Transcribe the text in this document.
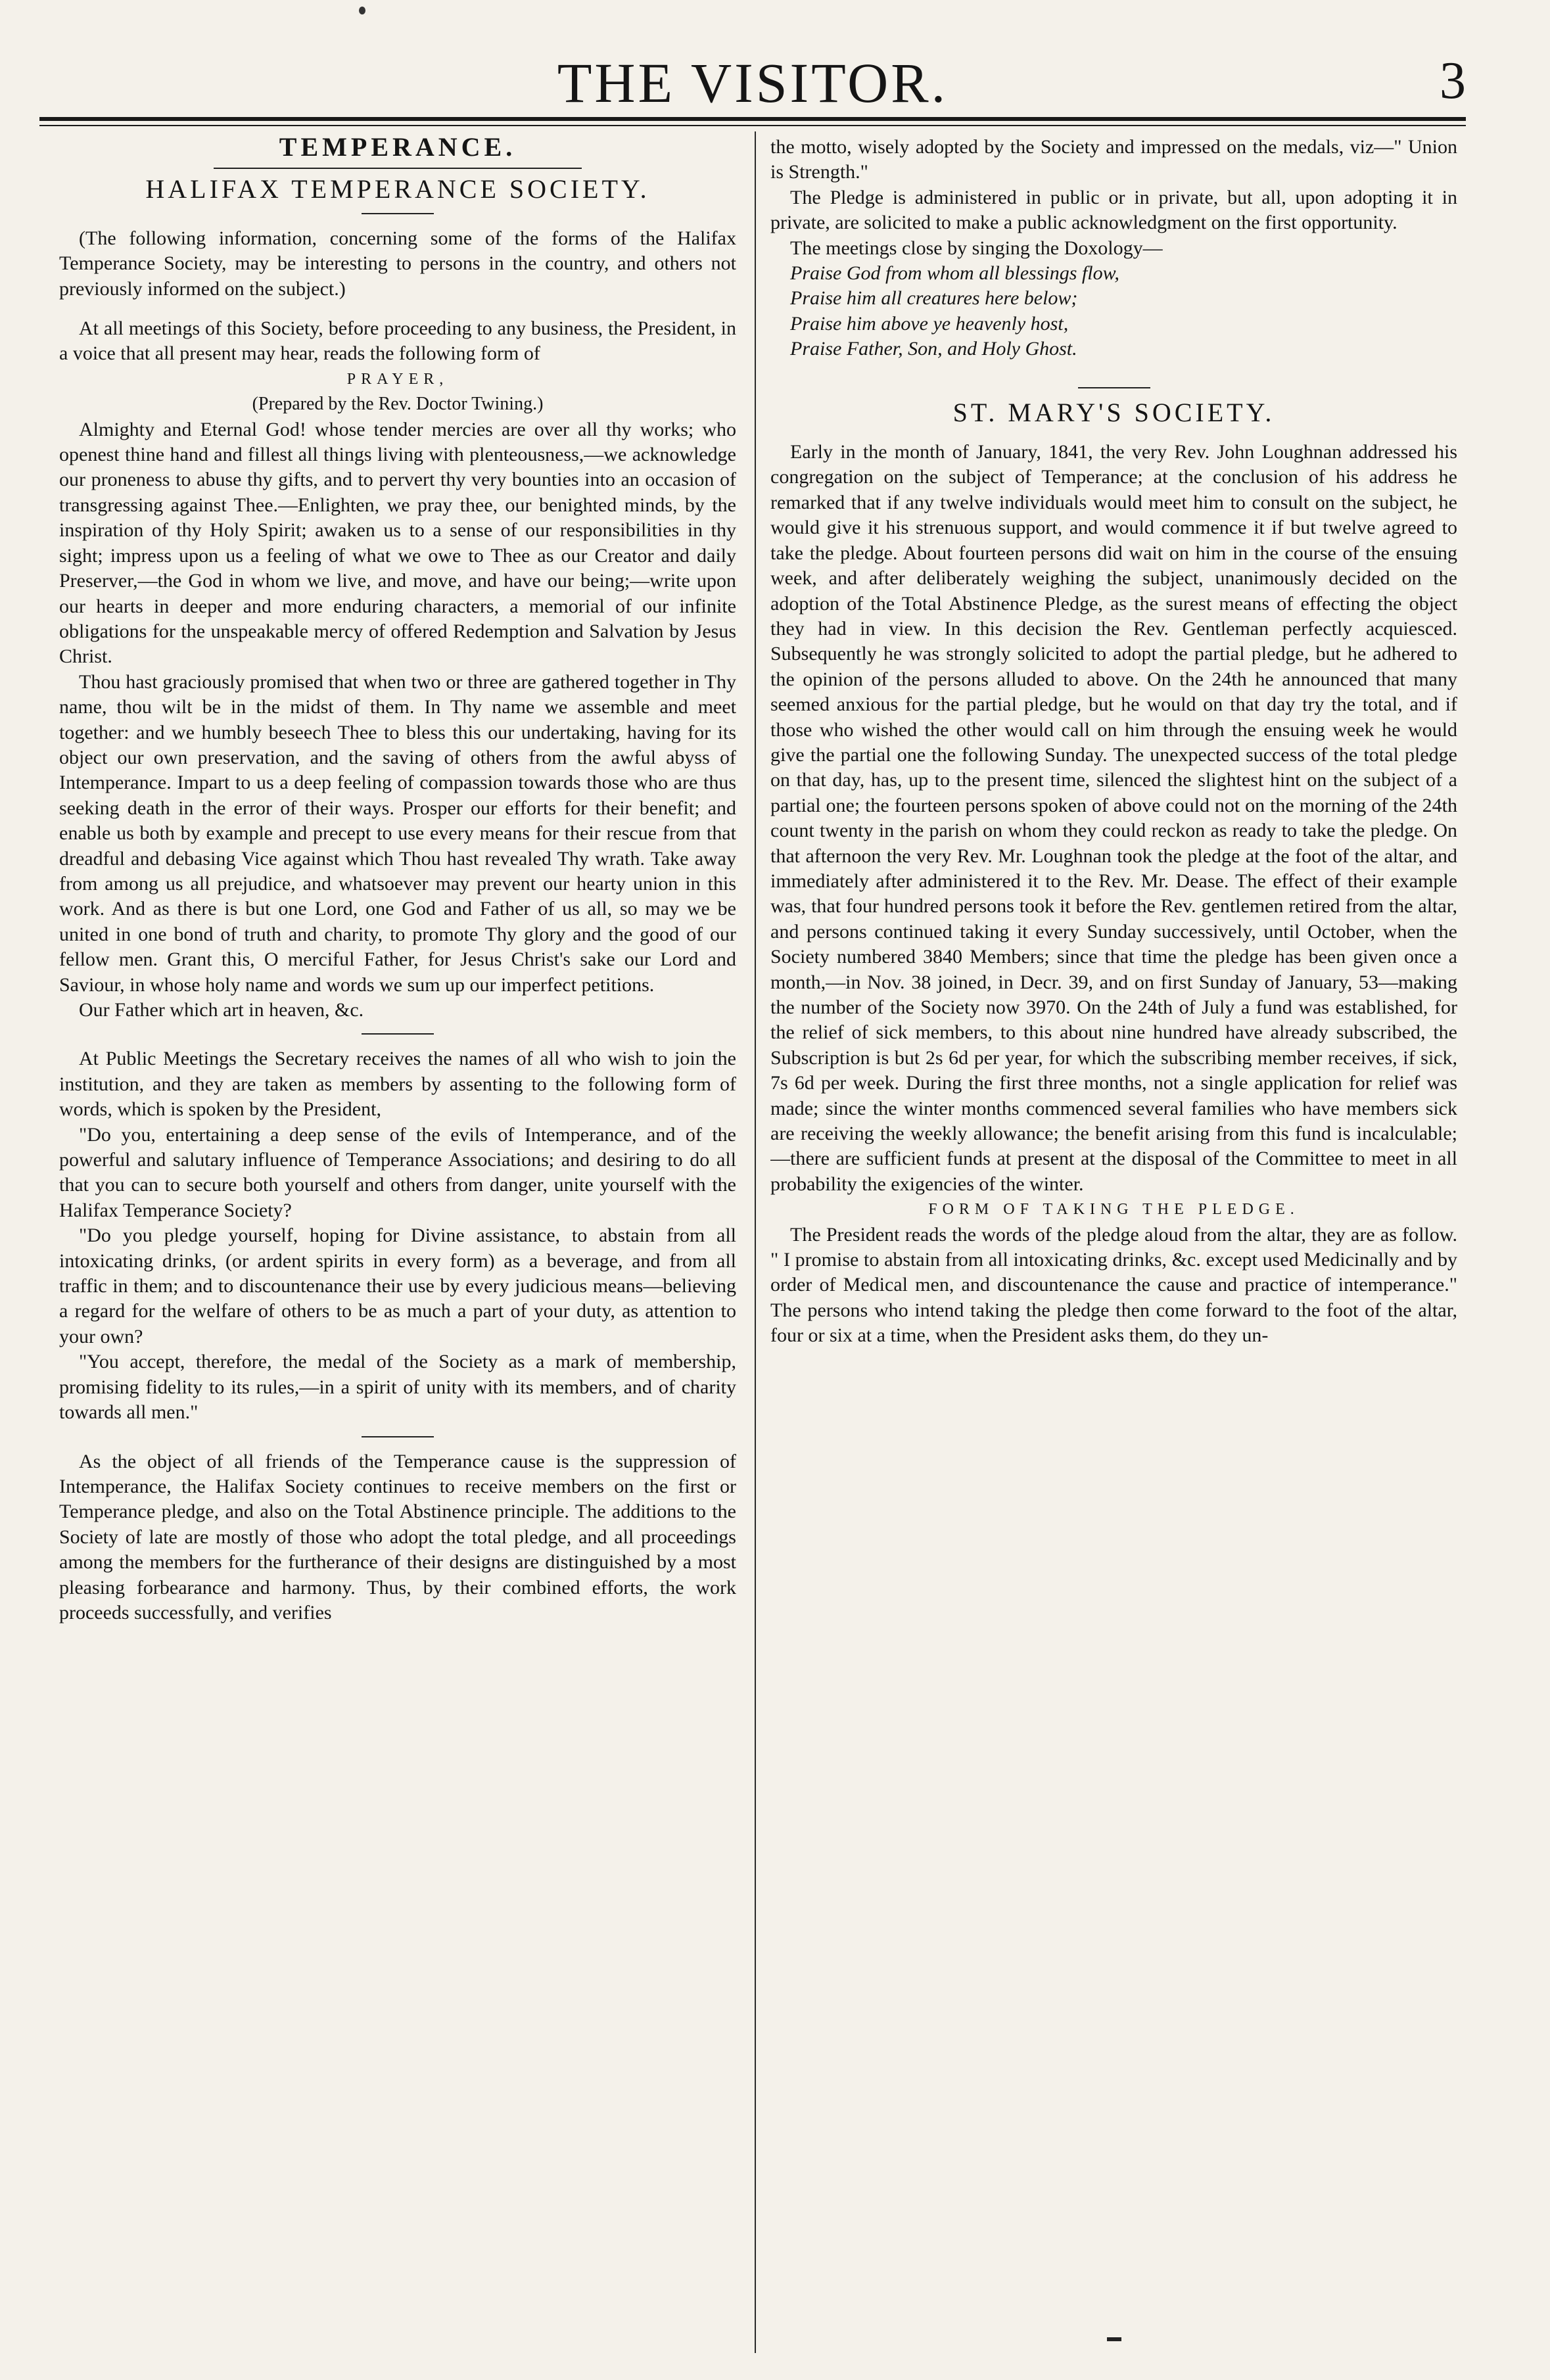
THE VISITOR.	3

TEMPERANCE.

HALIFAX TEMPERANCE SOCIETY.

(The following information, concerning some of the forms of the Halifax Temperance Society, may be interesting to persons in the country, and others not previously informed on the subject.)

At all meetings of this Society, before proceeding to any business, the President, in a voice that all present may hear, reads the following form of

PRAYER,

(Prepared by the Rev. Doctor Twining.)

Almighty and Eternal God! whose tender mercies are over all thy works; who openest thine hand and fillest all things living with plenteousness,—we acknowledge our proneness to abuse thy gifts, and to pervert thy very bounties into an occasion of transgressing against Thee.—Enlighten, we pray thee, our benighted minds, by the inspiration of thy Holy Spirit; awaken us to a sense of our responsibilities in thy sight; impress upon us a feeling of what we owe to Thee as our Creator and daily Preserver,—the God in whom we live, and move, and have our being;—write upon our hearts in deeper and more enduring characters, a memorial of our infinite obligations for the unspeakable mercy of offered Redemption and Salvation by Jesus Christ.

Thou hast graciously promised that when two or three are gathered together in Thy name, thou wilt be in the midst of them. In Thy name we assemble and meet together: and we humbly beseech Thee to bless this our undertaking, having for its object our own preservation, and the saving of others from the awful abyss of Intemperance. Impart to us a deep feeling of compassion towards those who are thus seeking death in the error of their ways. Prosper our efforts for their benefit; and enable us both by example and precept to use every means for their rescue from that dreadful and debasing Vice against which Thou hast revealed Thy wrath. Take away from among us all prejudice, and whatsoever may prevent our hearty union in this work. And as there is but one Lord, one God and Father of us all, so may we be united in one bond of truth and charity, to promote Thy glory and the good of our fellow men. Grant this, O merciful Father, for Jesus Christ's sake our Lord and Saviour, in whose holy name and words we sum up our imperfect petitions.

Our Father which art in heaven, &c.

At Public Meetings the Secretary receives the names of all who wish to join the institution, and they are taken as members by assenting to the following form of words, which is spoken by the President,

"Do you, entertaining a deep sense of the evils of Intemperance, and of the powerful and salutary influence of Temperance Associations; and desiring to do all that you can to secure both yourself and others from danger, unite yourself with the Halifax Temperance Society?

"Do you pledge yourself, hoping for Divine assistance, to abstain from all intoxicating drinks, (or ardent spirits in every form) as a beverage, and from all traffic in them; and to discountenance their use by every judicious means—believing a regard for the welfare of others to be as much a part of your duty, as attention to your own?

"You accept, therefore, the medal of the Society as a mark of membership, promising fidelity to its rules,—in a spirit of unity with its members, and of charity towards all men."

As the object of all friends of the Temperance cause is the suppression of Intemperance, the Halifax Society continues to receive members on the first or Temperance pledge, and also on the Total Abstinence principle. The additions to the Society of late are mostly of those who adopt the total pledge, and all proceedings among the members for the furtherance of their designs are distinguished by a most pleasing forbearance and harmony. Thus, by their combined efforts, the work proceeds successfully, and verifies

the motto, wisely adopted by the Society and impressed on the medals, viz—" Union is Strength."

The Pledge is administered in public or in private, but all, upon adopting it in private, are solicited to make a public acknowledgment on the first opportunity.

The meetings close by singing the Doxology—

Praise God from whom all blessings flow,

Praise him all creatures here below;

Praise him above ye heavenly host,

Praise Father, Son, and Holy Ghost.

ST. MARY'S SOCIETY.

Early in the month of January, 1841, the very Rev. John Loughnan addressed his congregation on the subject of Temperance; at the conclusion of his address he remarked that if any twelve individuals would meet him to consult on the subject, he would give it his strenuous support, and would commence it if but twelve agreed to take the pledge. About fourteen persons did wait on him in the course of the ensuing week, and after deliberately weighing the subject, unanimously decided on the adoption of the Total Abstinence Pledge, as the surest means of effecting the object they had in view. In this decision the Rev. Gentleman perfectly acquiesced. Subsequently he was strongly solicited to adopt the partial pledge, but he adhered to the opinion of the persons alluded to above. On the 24th he announced that many seemed anxious for the partial pledge, but he would on that day try the total, and if those who wished the other would call on him through the ensuing week he would give the partial one the following Sunday. The unexpected success of the total pledge on that day, has, up to the present time, silenced the slightest hint on the subject of a partial one; the fourteen persons spoken of above could not on the morning of the 24th count twenty in the parish on whom they could reckon as ready to take the pledge. On that afternoon the very Rev. Mr. Loughnan took the pledge at the foot of the altar, and immediately after administered it to the Rev. Mr. Dease. The effect of their example was, that four hundred persons took it before the Rev. gentlemen retired from the altar, and persons continued taking it every Sunday successively, until October, when the Society numbered 3840 Members; since that time the pledge has been given once a month,—in Nov. 38 joined, in Decr. 39, and on first Sunday of January, 53—making the number of the Society now 3970. On the 24th of July a fund was established, for the relief of sick members, to this about nine hundred have already subscribed, the Subscription is but 2s 6d per year, for which the subscribing member receives, if sick, 7s 6d per week. During the first three months, not a single application for relief was made; since the winter months commenced several families who have members sick are receiving the weekly allowance; the benefit arising from this fund is incalculable;—there are sufficient funds at present at the disposal of the Committee to meet in all probability the exigencies of the winter.

FORM OF TAKING THE PLEDGE.

The President reads the words of the pledge aloud from the altar, they are as follow. " I promise to abstain from all intoxicating drinks, &c. except used Medicinally and by order of Medical men, and discountenance the cause and practice of intemperance." The persons who intend taking the pledge then come forward to the foot of the altar, four or six at a time, when the President asks them, do they un-
